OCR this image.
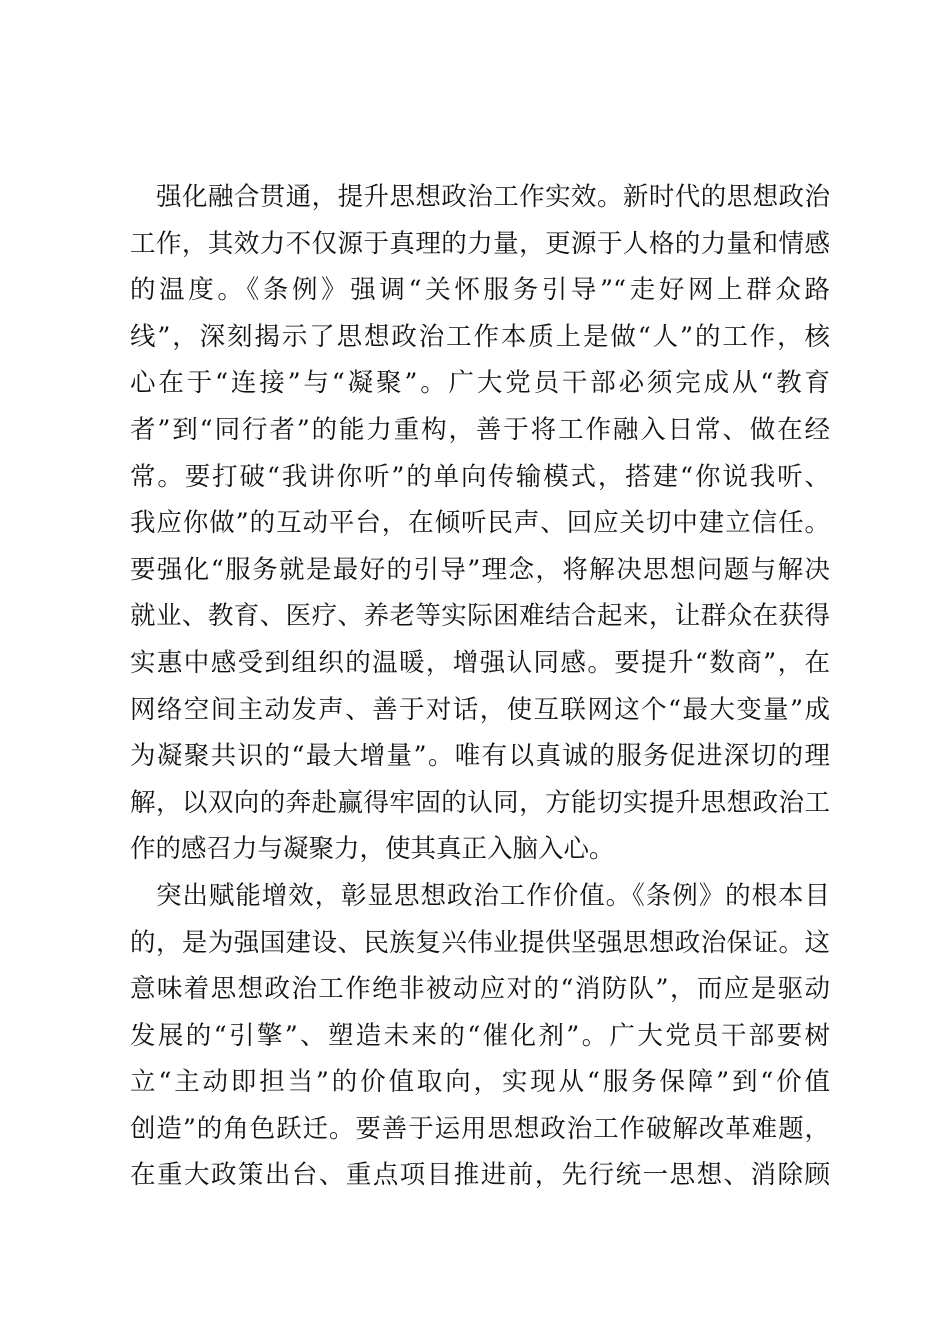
强化融合贯通，提升思想政治工作实效。新时代的思想政治
工作，其效力不仅源于真理的力量，更源于人格的力量和情感
的温度。《条例》强调“关怀服务引导”“走好网上群众路
线”，深刻揭示了思想政治工作本质上是做“人”的工作，核
心在于“连接”与“凝聚”。广大党员干部必须完成从“教育
者”到“同行者”的能力重构，善于将工作融入日常、做在经
常。要打破“我讲你听”的单向传输模式，搭建“你说我听、
我应你做”的互动平台，在倾听民声、回应关切中建立信任。
要强化“服务就是最好的引导”理念，将解决思想问题与解决
就业、教育、医疗、养老等实际困难结合起来，让群众在获得
实惠中感受到组织的温暖，增强认同感。要提升“数商”，在
网络空间主动发声、善于对话，使互联网这个“最大变量”成
为凝聚共识的“最大增量”。唯有以真诚的服务促进深切的理
解，以双向的奔赴赢得牢固的认同，方能切实提升思想政治工
作的感召力与凝聚力，使其真正入脑入心。
突出赋能增效，彰显思想政治工作价值。《条例》的根本目
的，是为强国建设、民族复兴伟业提供坚强思想政治保证。这
意味着思想政治工作绝非被动应对的“消防队”，而应是驱动
发展的“引擎”、塑造未来的“催化剂”。广大党员干部要树
立“主动即担当”的价值取向，实现从“服务保障”到“价值
创造”的角色跃迁。要善于运用思想政治工作破解改革难题，
在重大政策出台、重点项目推进前，先行统一思想、消除顾
